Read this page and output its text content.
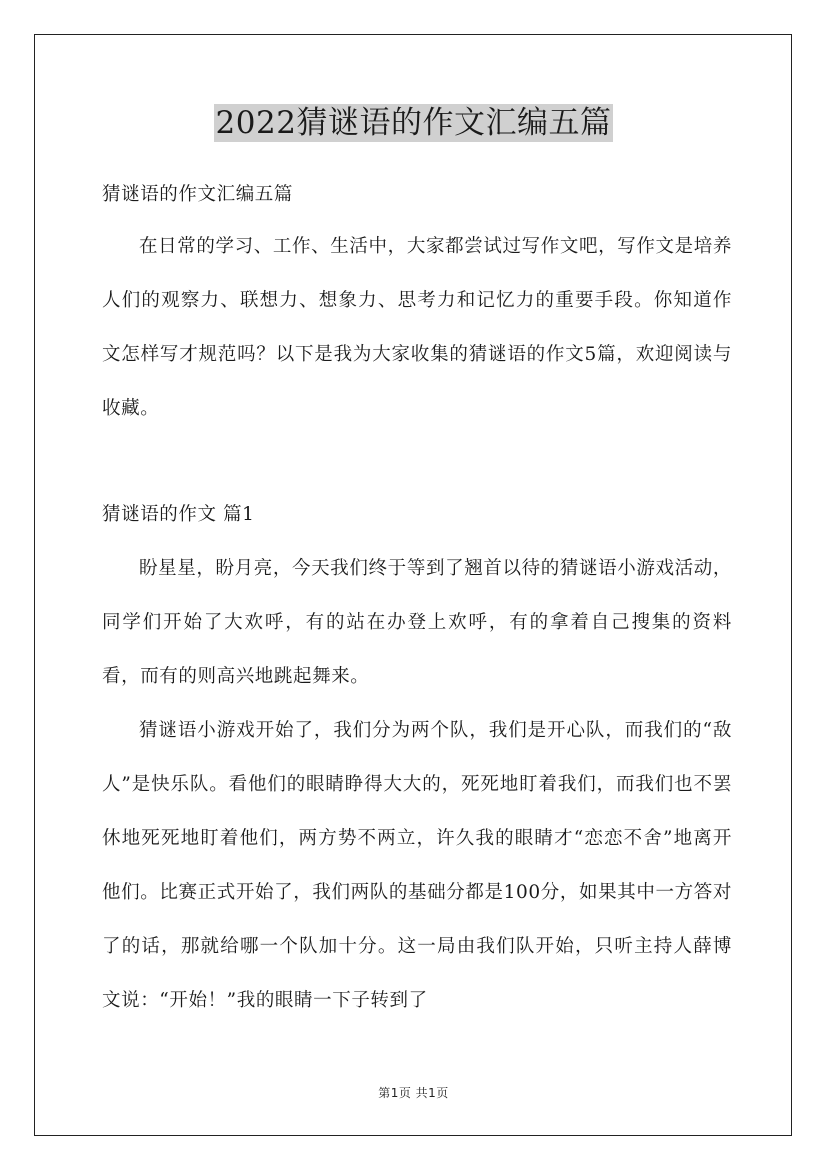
2022猜谜语的作文汇编五篇

猜谜语的作文汇编五篇

在日常的学习、工作、生活中，大家都尝试过写作文吧，写作文是培养人们的观察力、联想力、想象力、思考力和记忆力的重要手段。你知道作文怎样写才规范吗？以下是我为大家收集的猜谜语的作文5篇，欢迎阅读与收藏。

猜谜语的作文 篇1

盼星星，盼月亮，今天我们终于等到了翘首以待的猜谜语小游戏活动，同学们开始了大欢呼，有的站在办登上欢呼，有的拿着自己搜集的资料看，而有的则高兴地跳起舞来。

猜谜语小游戏开始了，我们分为两个队，我们是开心队，而我们的“敌人”是快乐队。看他们的眼睛睁得大大的，死死地盯着我们，而我们也不罢休地死死地盯着他们，两方势不两立，许久我的眼睛才“恋恋不舍”地离开他们。比赛正式开始了，我们两队的基础分都是100分，如果其中一方答对了的话，那就给哪一个队加十分。这一局由我们队开始，只听主持人薛博文说：“开始！”我的眼睛一下子转到了

第1页 共1页
